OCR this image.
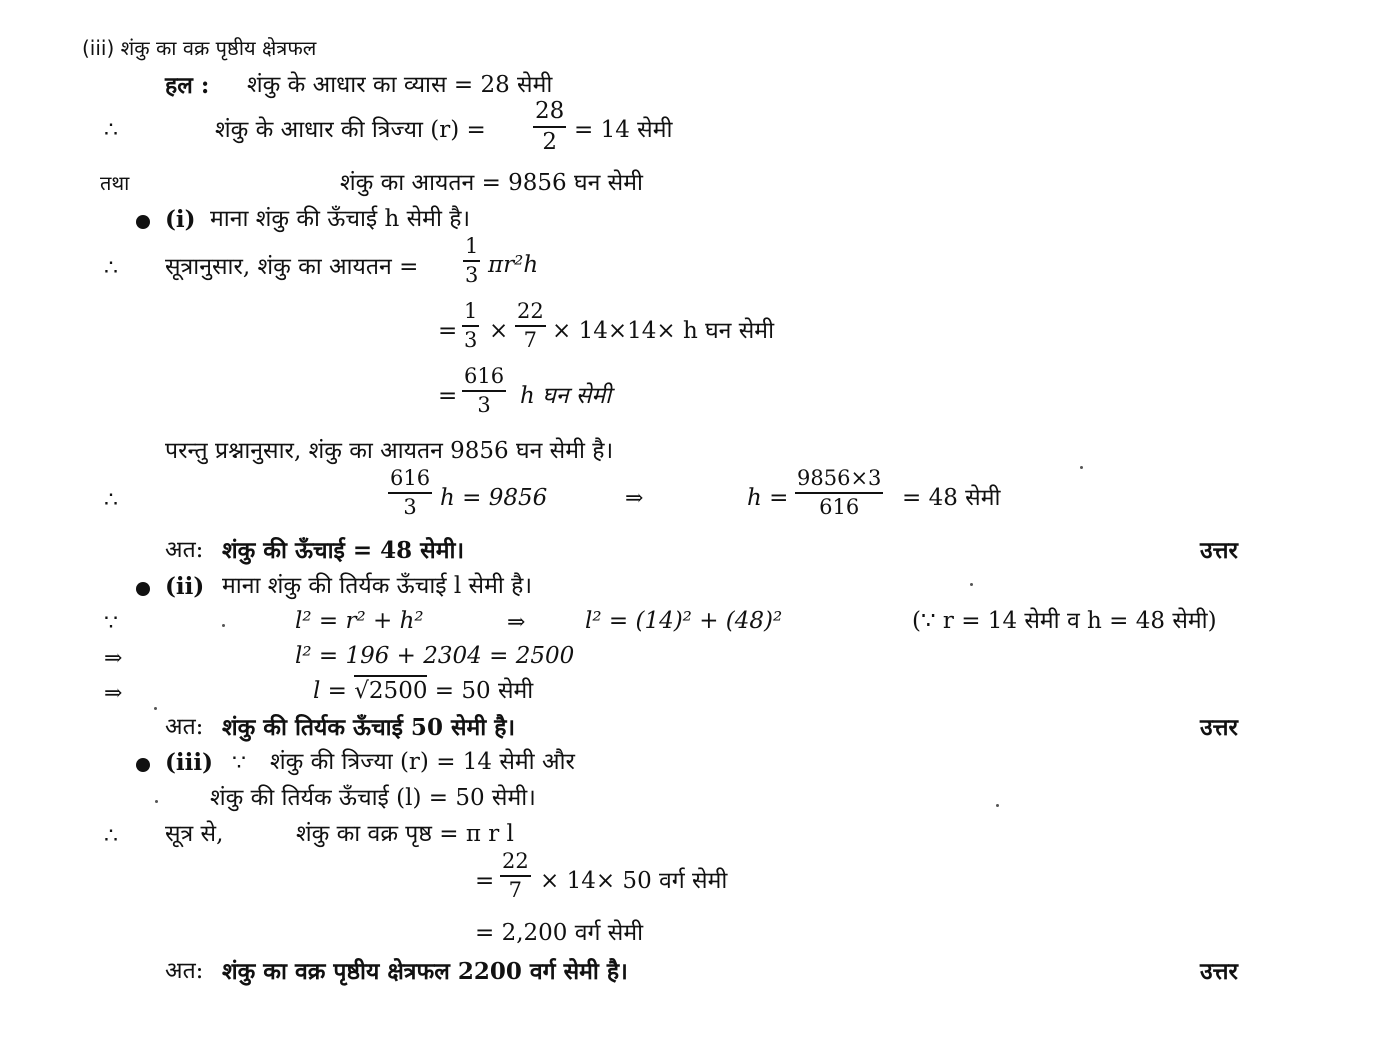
(iii) शंकु का वक्र पृष्ठीय क्षेत्रफल
हल : शंकु के आधार का व्यास = 28 सेमी
∴	शंकु के आधार की त्रिज्या $(r) = \frac{28}{2} = 14$ सेमी
तथा	शंकु का आयतन = 9856 घन सेमी
(i) माना शंकु की ऊँचाई h सेमी है।
∴ सूत्रानुसार, शंकु का आयतन = $\frac{1}{3} \pi r^2h$
= $\frac{1}{3} \times \frac{22}{7} \times 14\times 14\times h$ घन सेमी
= $\frac{616}{3}$ h घन सेमी
परन्तु प्रश्नानुसार, शंकु का आयतन 9856 घन सेमी है।
∴	$\frac{616}{3}$ h = 9856	⇒	$h = \frac{9856\times 3}{616} = 48$ सेमी
अत: शंकु की ऊँचाई = 48 सेमी।	उत्तर
(ii) माना शंकु की तिर्यक ऊँचाई l सेमी है।
∵	l² = r² + h²	⇒	l² = (14)² + (48)²	(∵ r = 14 सेमी व h = 48 सेमी)
⇒	l² = 196 + 2304 = 2500
⇒	l = √2500 = 50 सेमी
अत: शंकु की तिर्यक ऊँचाई 50 सेमी है।	उत्तर
(iii) ∵ शंकु की त्रिज्या (r) = 14 सेमी और
शंकु की तिर्यक ऊँचाई (l) = 50 सेमी।
∴ सूत्र से,	शंकु का वक्र पृष्ठ = π r l
= $\frac{22}{7} \times 14\times 50$ वर्ग सेमी
= 2,200 वर्ग सेमी
अत: शंकु का वक्र पृष्ठीय क्षेत्रफल 2200 वर्ग सेमी है।	उत्तर
